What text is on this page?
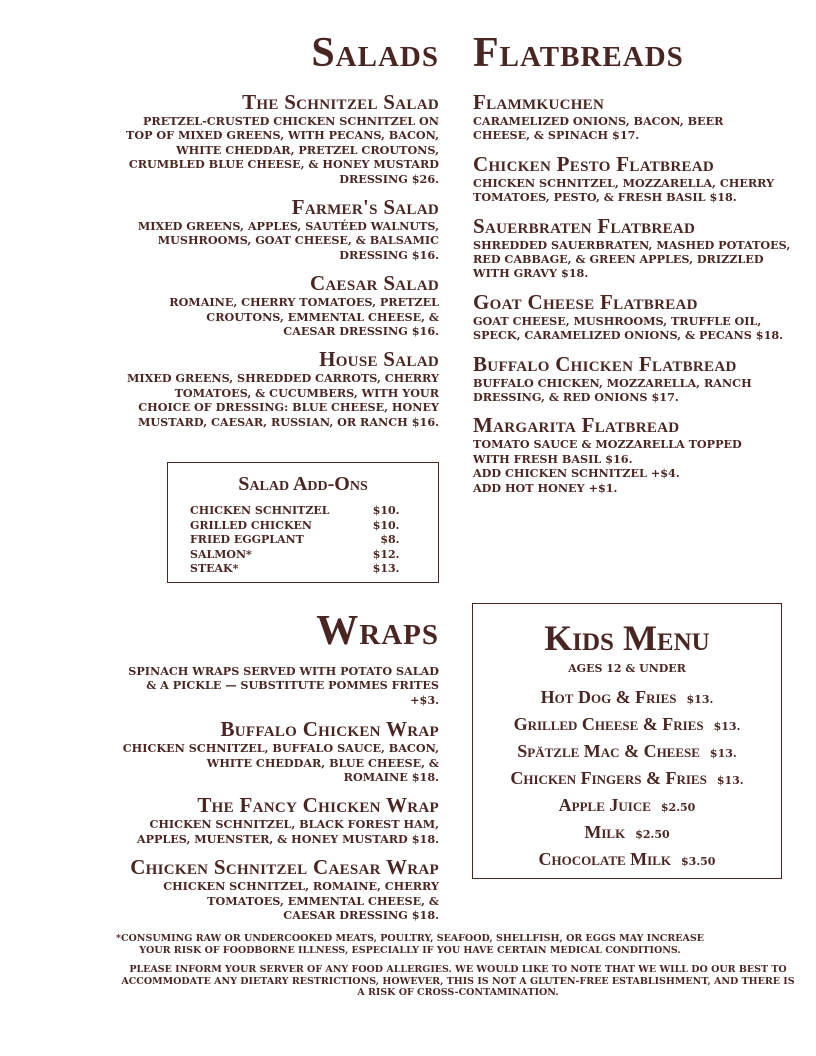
Salads
The Schnitzel Salad

PRETZEL-CRUSTED CHICKEN SCHNITZEL ON TOP OF MIXED GREENS, WITH PECANS, BACON, WHITE CHEDDAR, PRETZEL CROUTONS, CRUMBLED BLUE CHEESE, & HONEY MUSTARD DRESSING $26.

Farmer's Salad

MIXED GREENS, APPLES, SAUTÉED WALNUTS, MUSHROOMS, GOAT CHEESE, & BALSAMIC DRESSING $16.

Caesar Salad

ROMAINE, CHERRY TOMATOES, PRETZEL CROUTONS, EMMENTAL CHEESE, & CAESAR DRESSING $16.

House Salad

MIXED GREENS, SHREDDED CARROTS, CHERRY TOMATOES, & CUCUMBERS, WITH YOUR CHOICE OF DRESSING: BLUE CHEESE, HONEY MUSTARD, CAESAR, RUSSIAN, OR RANCH $16.

Salad Add-Ons
CHICKEN SCHNITZEL	$10.
GRILLED CHICKEN	$10.
FRIED EGGPLANT	$8.
SALMON*	$12.
STEAK*	$13.
Flatbreads
Flammkuchen

CARAMELIZED ONIONS, BACON, BEER CHEESE, & SPINACH $17.

Chicken Pesto Flatbread

CHICKEN SCHNITZEL, MOZZARELLA, CHERRY TOMATOES, PESTO, & FRESH BASIL $18.

Sauerbraten Flatbread

SHREDDED SAUERBRATEN, MASHED POTATOES, RED CABBAGE, & GREEN APPLES, DRIZZLED WITH GRAVY $18.

Goat Cheese Flatbread

GOAT CHEESE, MUSHROOMS, TRUFFLE OIL, SPECK, CARAMELIZED ONIONS, & PECANS $18.

Buffalo Chicken Flatbread

BUFFALO CHICKEN, MOZZARELLA, RANCH DRESSING, & RED ONIONS $17.

Margarita Flatbread

TOMATO SAUCE & MOZZARELLA TOPPED WITH FRESH BASIL $16.

ADD CHICKEN SCHNITZEL +$4.

ADD HOT HONEY +$1.

Wraps

SPINACH WRAPS SERVED WITH POTATO SALAD & A PICKLE — SUBSTITUTE POMMES FRITES +$3.

Buffalo Chicken Wrap

CHICKEN SCHNITZEL, BUFFALO SAUCE, BACON, WHITE CHEDDAR, BLUE CHEESE, & ROMAINE $18.

The Fancy Chicken Wrap

CHICKEN SCHNITZEL, BLACK FOREST HAM, APPLES, MUENSTER, & HONEY MUSTARD $18.

Chicken Schnitzel Caesar Wrap

CHICKEN SCHNITZEL, ROMAINE, CHERRY TOMATOES, EMMENTAL CHEESE, & CAESAR DRESSING $18.

Kids Menu
AGES 12 & UNDER
Hot Dog & Fries $13.
Grilled Cheese & Fries $13.
Spätzle Mac & Cheese $13.
Chicken Fingers & Fries $13.
Apple Juice $2.50
Milk $2.50
Chocolate Milk $3.50
*CONSUMING RAW OR UNDERCOOKED MEATS, POULTRY, SEAFOOD, SHELLFISH, OR EGGS MAY INCREASE
YOUR RISK OF FOODBORNE ILLNESS, ESPECIALLY IF YOU HAVE CERTAIN MEDICAL CONDITIONS.
PLEASE INFORM YOUR SERVER OF ANY FOOD ALLERGIES. WE WOULD LIKE TO NOTE THAT WE WILL DO OUR BEST TO
ACCOMMODATE ANY DIETARY RESTRICTIONS, HOWEVER, THIS IS NOT A GLUTEN-FREE ESTABLISHMENT, AND THERE IS
A RISK OF CROSS-CONTAMINATION.
